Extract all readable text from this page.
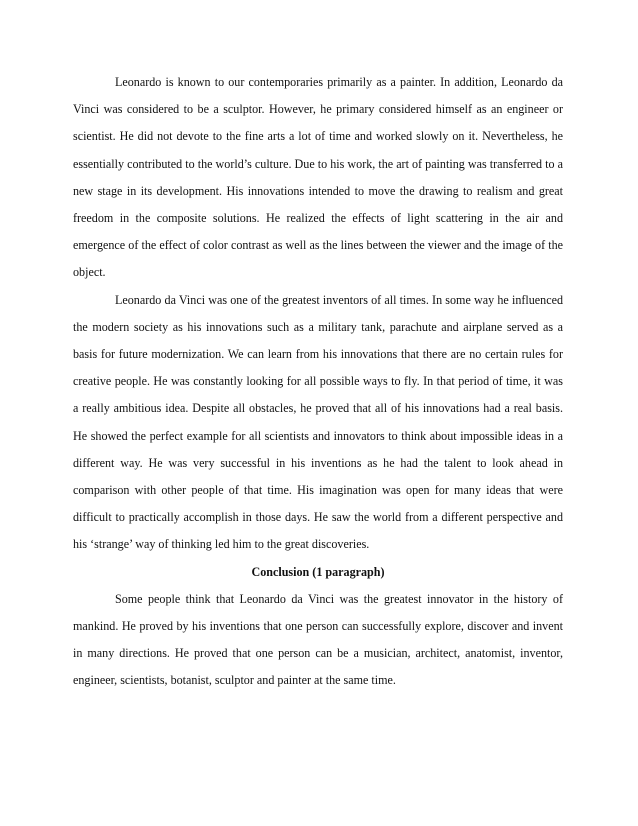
Leonardo is known to our contemporaries primarily as a painter. In addition, Leonardo da Vinci was considered to be a sculptor. However, he primary considered himself as an engineer or scientist. He did not devote to the fine arts a lot of time and worked slowly on it. Nevertheless, he essentially contributed to the world’s culture. Due to his work, the art of painting was transferred to a new stage in its development. His innovations intended to move the drawing to realism and great freedom in the composite solutions. He realized the effects of light scattering in the air and emergence of the effect of color contrast as well as the lines between the viewer and the image of the object.

Leonardo da Vinci was one of the greatest inventors of all times. In some way he influenced the modern society as his innovations such as a military tank, parachute and airplane served as a basis for future modernization. We can learn from his innovations that there are no certain rules for creative people. He was constantly looking for all possible ways to fly. In that period of time, it was a really ambitious idea. Despite all obstacles, he proved that all of his innovations had a real basis. He showed the perfect example for all scientists and innovators to think about impossible ideas in a different way. He was very successful in his inventions as he had the talent to look ahead in comparison with other people of that time. His imagination was open for many ideas that were difficult to practically accomplish in those days. He saw the world from a different perspective and his ‘strange’ way of thinking led him to the great discoveries.

Conclusion (1 paragraph)

Some people think that Leonardo da Vinci was the greatest innovator in the history of mankind. He proved by his inventions that one person can successfully explore, discover and invent in many directions. He proved that one person can be a musician, architect, anatomist, inventor, engineer, scientists, botanist, sculptor and painter at the same time.
